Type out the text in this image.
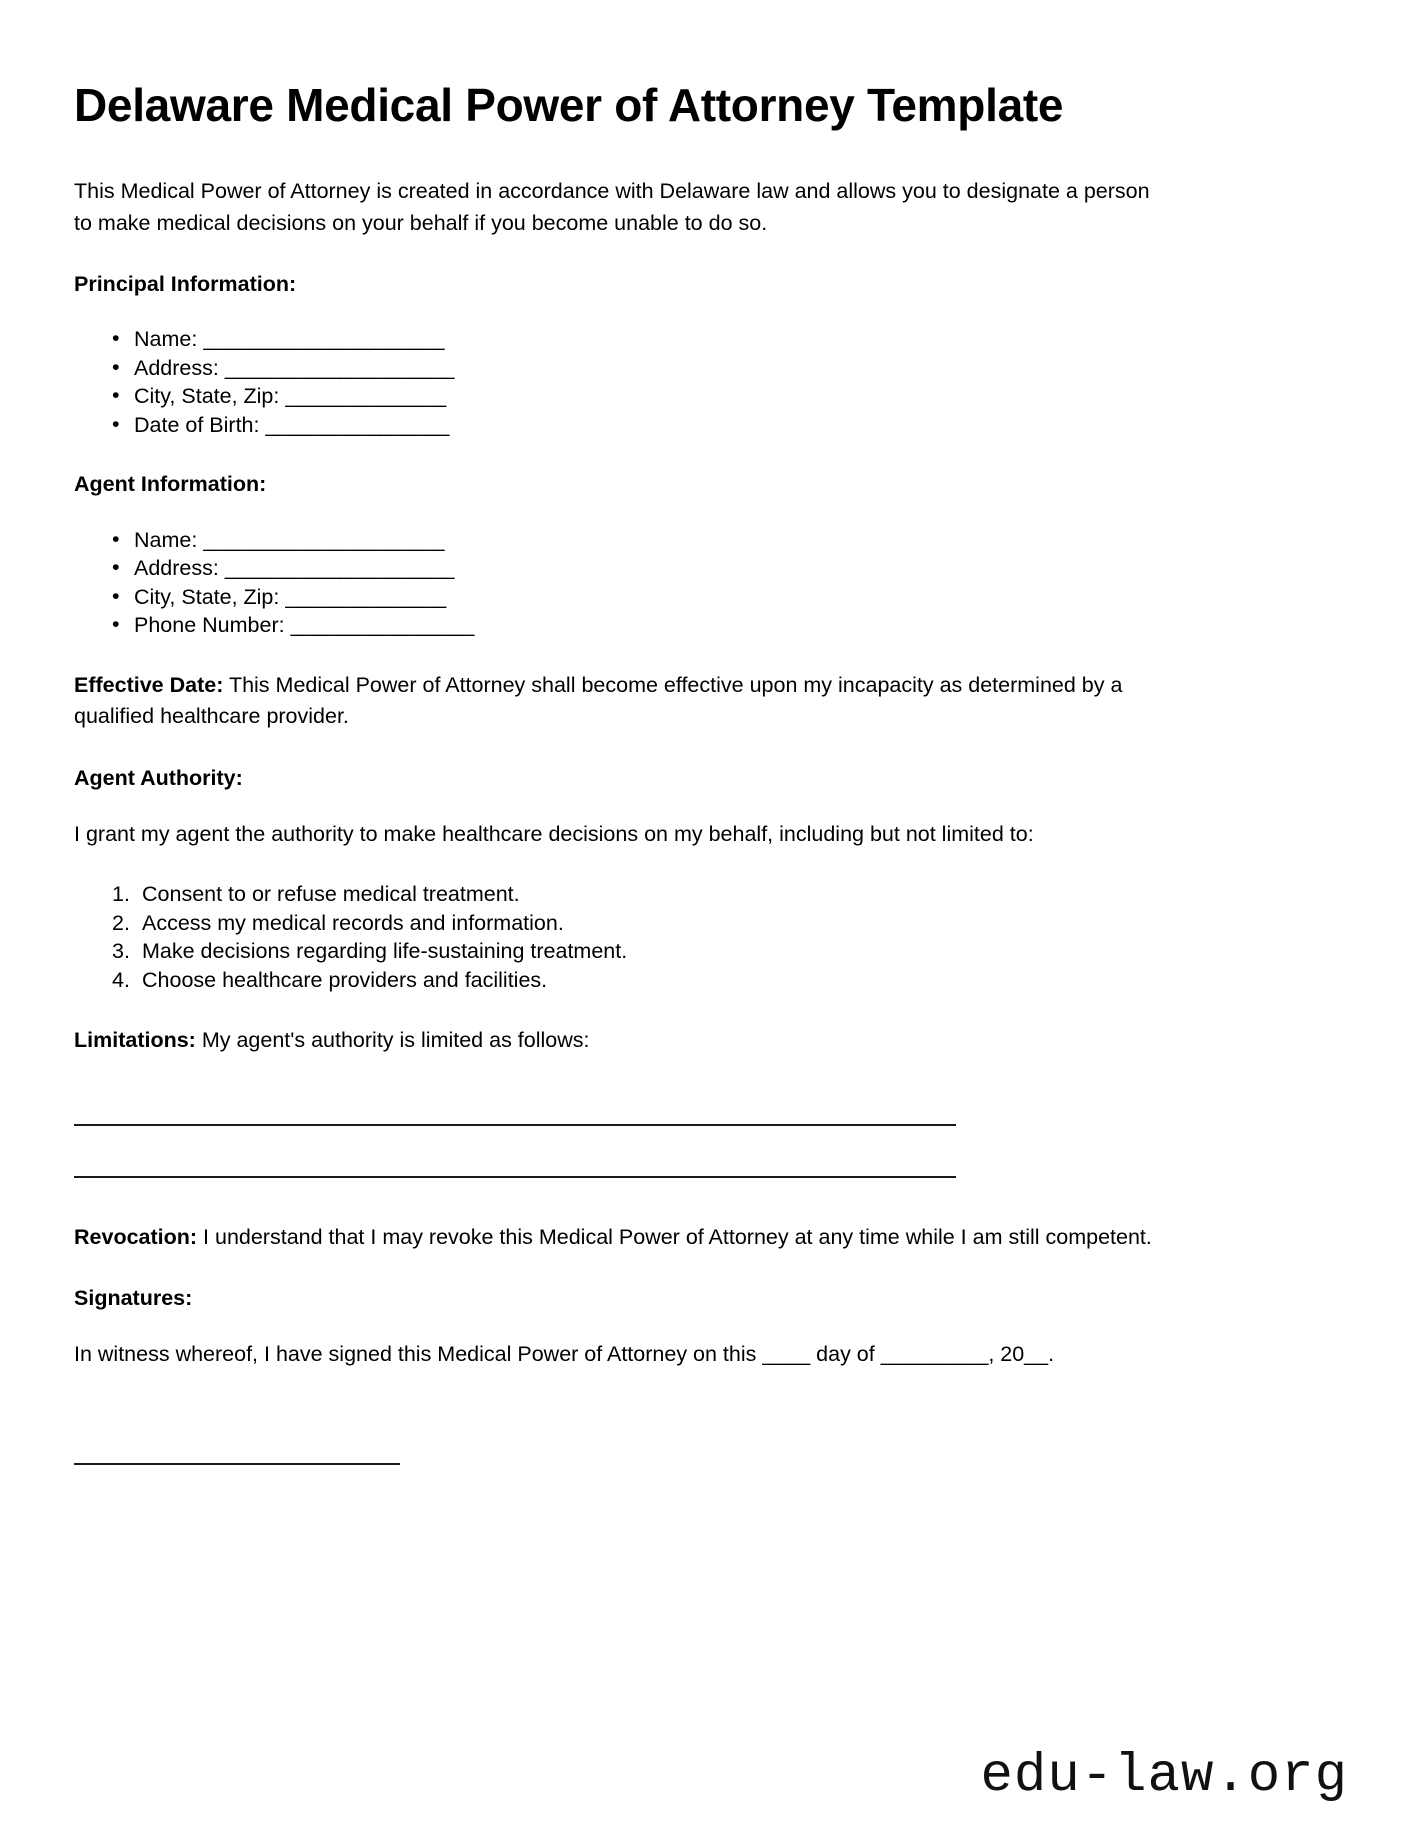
Delaware Medical Power of Attorney Template

This Medical Power of Attorney is created in accordance with Delaware law and allows you to designate a person to make medical decisions on your behalf if you become unable to do so.

Principal Information:
• Name: _____________________
• Address: ____________________
• City, State, Zip: ______________
• Date of Birth: ________________
Agent Information:
• Name: _____________________
• Address: ____________________
• City, State, Zip: ______________
• Phone Number: ________________

Effective Date: This Medical Power of Attorney shall become effective upon my incapacity as determined by a qualified healthcare provider.

Agent Authority:

I grant my agent the authority to make healthcare decisions on my behalf, including but not limited to:

Consent to or refuse medical treatment.
Access my medical records and information.
Make decisions regarding life-sustaining treatment.
Choose healthcare providers and facilities.

Limitations: My agent's authority is limited as follows:

Revocation: I understand that I may revoke this Medical Power of Attorney at any time while I am still competent.

Signatures:

In witness whereof, I have signed this Medical Power of Attorney on this ____ day of _________, 20__.

edu-law.org
